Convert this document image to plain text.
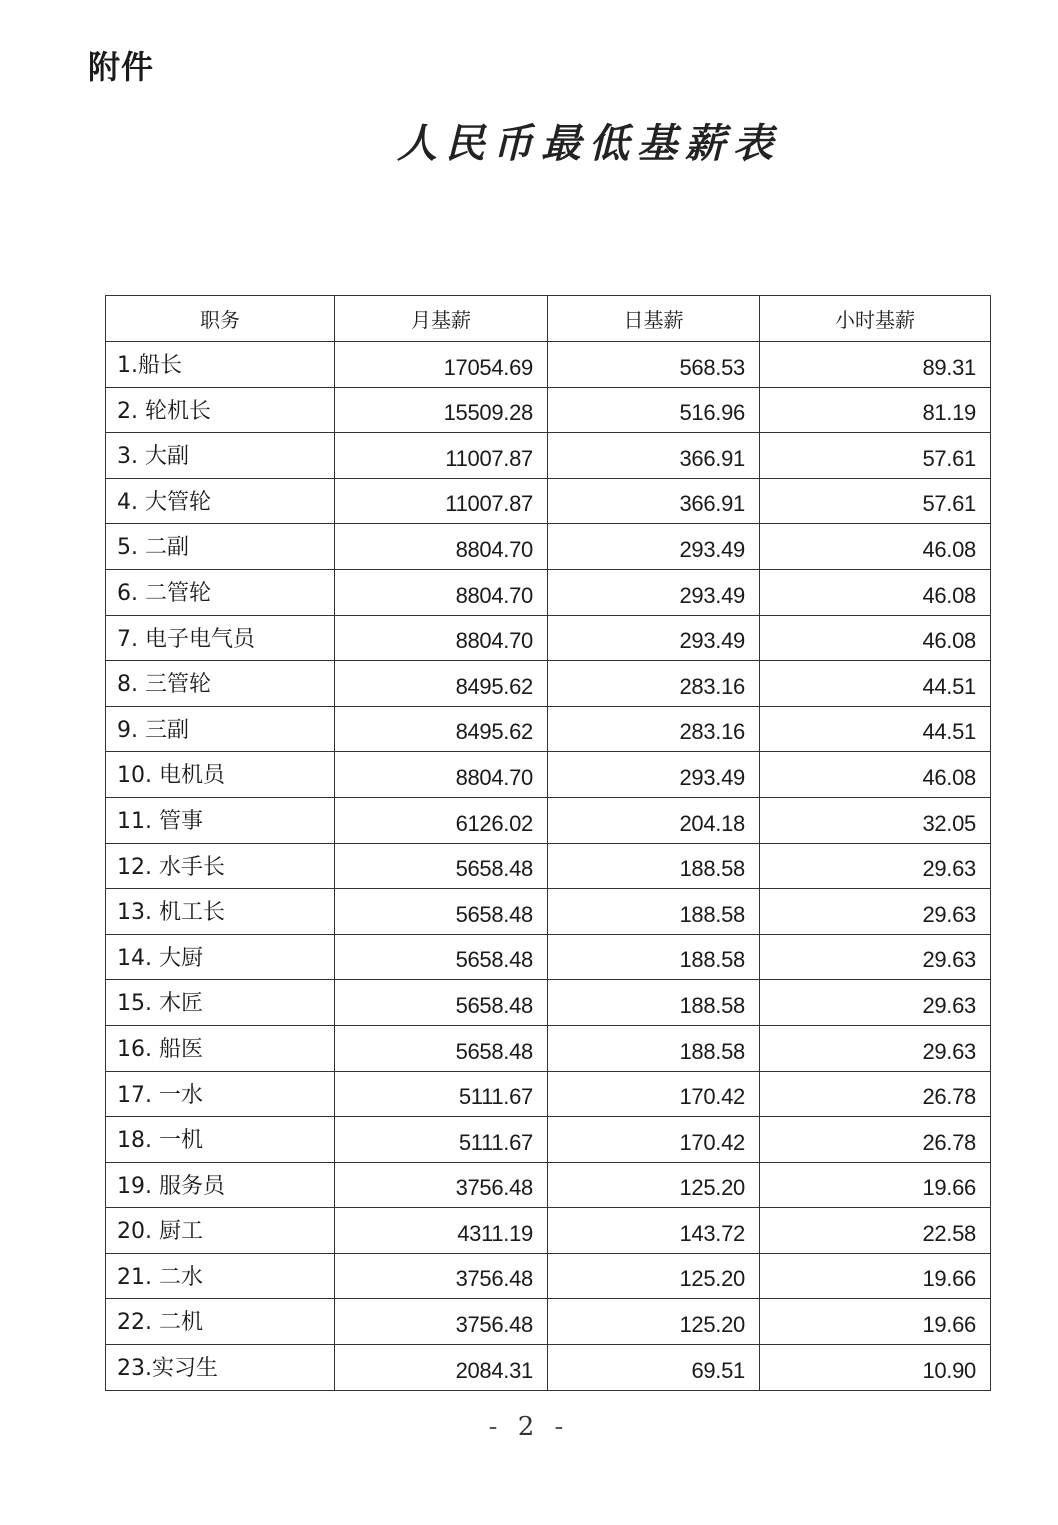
附件
人民币最低基薪表
职务	月基薪	日基薪	小时基薪
1.船长	17054.69	568.53	89.31
2. 轮机长	15509.28	516.96	81.19
3. 大副	11007.87	366.91	57.61
4. 大管轮	11007.87	366.91	57.61
5. 二副	8804.70	293.49	46.08
6. 二管轮	8804.70	293.49	46.08
7. 电子电气员	8804.70	293.49	46.08
8. 三管轮	8495.62	283.16	44.51
9. 三副	8495.62	283.16	44.51
10. 电机员	8804.70	293.49	46.08
11. 管事	6126.02	204.18	32.05
12. 水手长	5658.48	188.58	29.63
13. 机工长	5658.48	188.58	29.63
14. 大厨	5658.48	188.58	29.63
15. 木匠	5658.48	188.58	29.63
16. 船医	5658.48	188.58	29.63
17. 一水	5111.67	170.42	26.78
18. 一机	5111.67	170.42	26.78
19. 服务员	3756.48	125.20	19.66
20. 厨工	4311.19	143.72	22.58
21. 二水	3756.48	125.20	19.66
22. 二机	3756.48	125.20	19.66
23.实习生	2084.31	69.51	10.90
- 2 -
